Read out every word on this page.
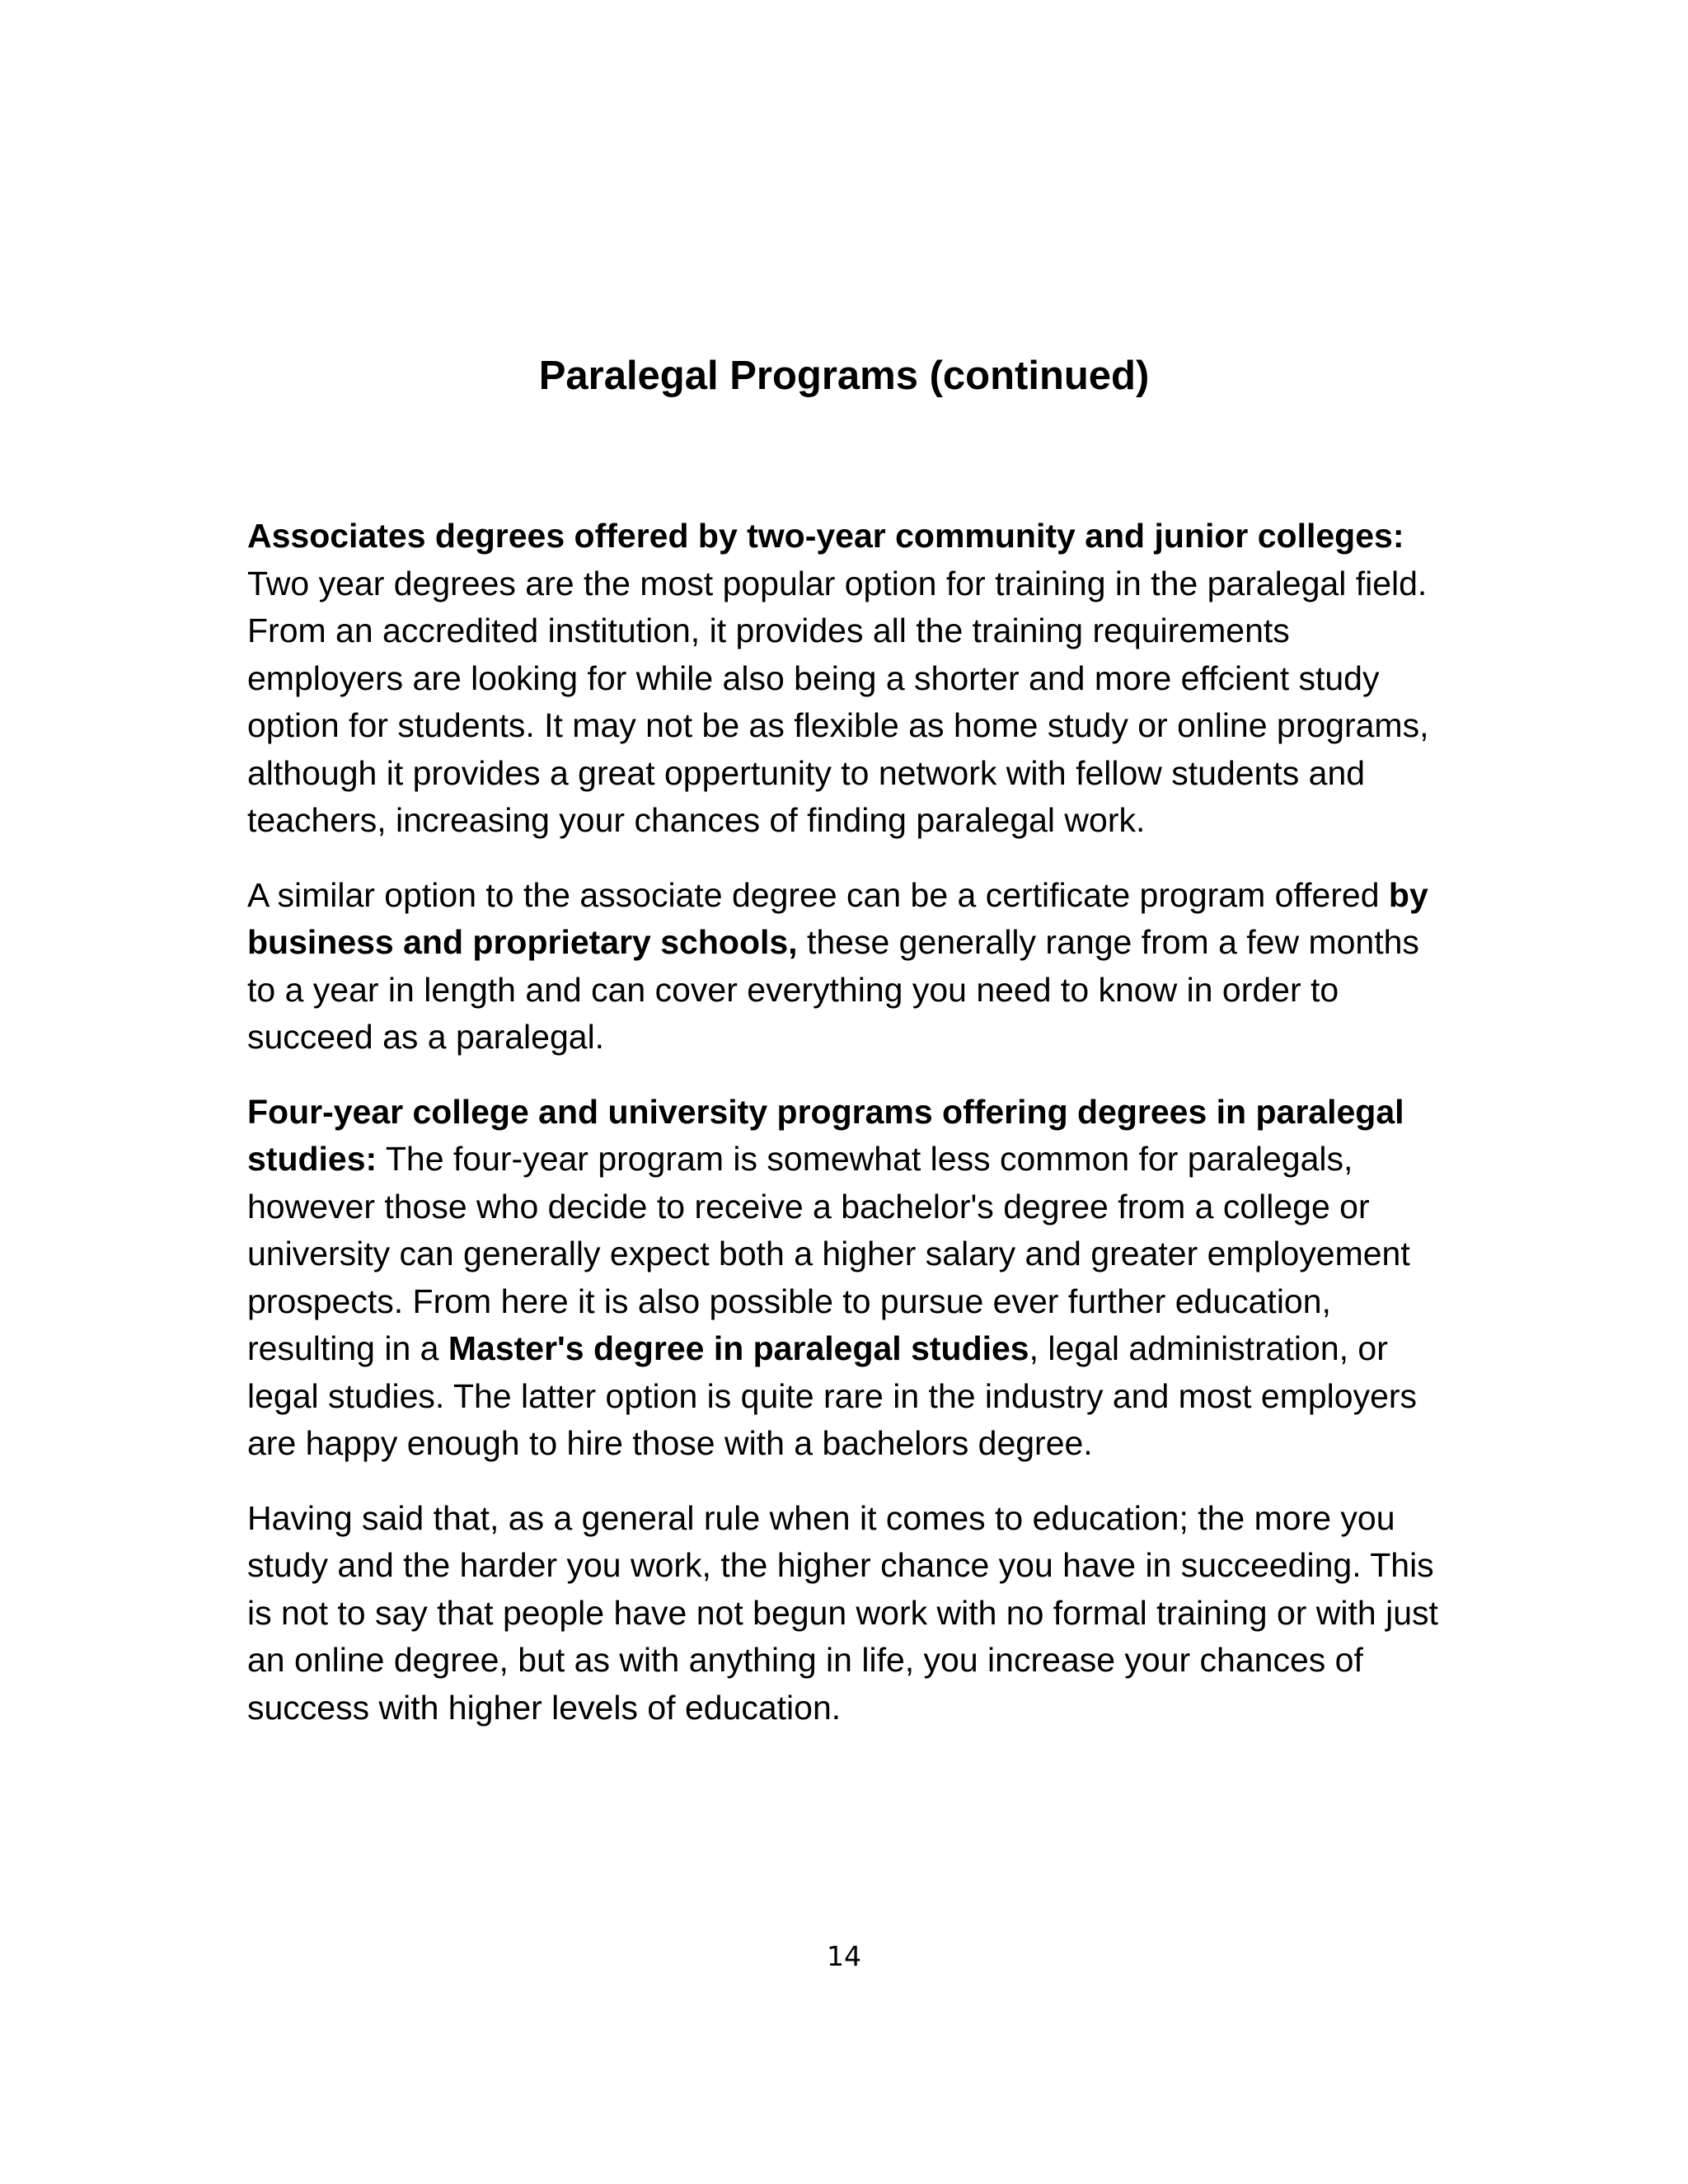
Paralegal Programs (continued)

Associates degrees offered by two-year community and junior colleges: Two year degrees are the most popular option for training in the paralegal field. From an accredited institution, it provides all the training requirements employers are looking for while also being a shorter and more effcient study option for students. It may not be as flexible as home study or online programs, although it provides a great oppertunity to network with fellow students and teachers, increasing your chances of finding paralegal work.

A similar option to the associate degree can be a certificate program offered by business and proprietary schools, these generally range from a few months to a year in length and can cover everything you need to know in order to succeed as a paralegal.

Four-year college and university programs offering degrees in paralegal studies: The four-year program is somewhat less common for paralegals, however those who decide to receive a bachelor's degree from a college or university can generally expect both a higher salary and greater employement prospects. From here it is also possible to pursue ever further education, resulting in a Master's degree in paralegal studies, legal administration, or legal studies. The latter option is quite rare in the industry and most employers are happy enough to hire those with a bachelors degree.

Having said that, as a general rule when it comes to education; the more you study and the harder you work, the higher chance you have in succeeding. This is not to say that people have not begun work with no formal training or with just an online degree, but as with anything in life, you increase your chances of success with higher levels of education.

14
